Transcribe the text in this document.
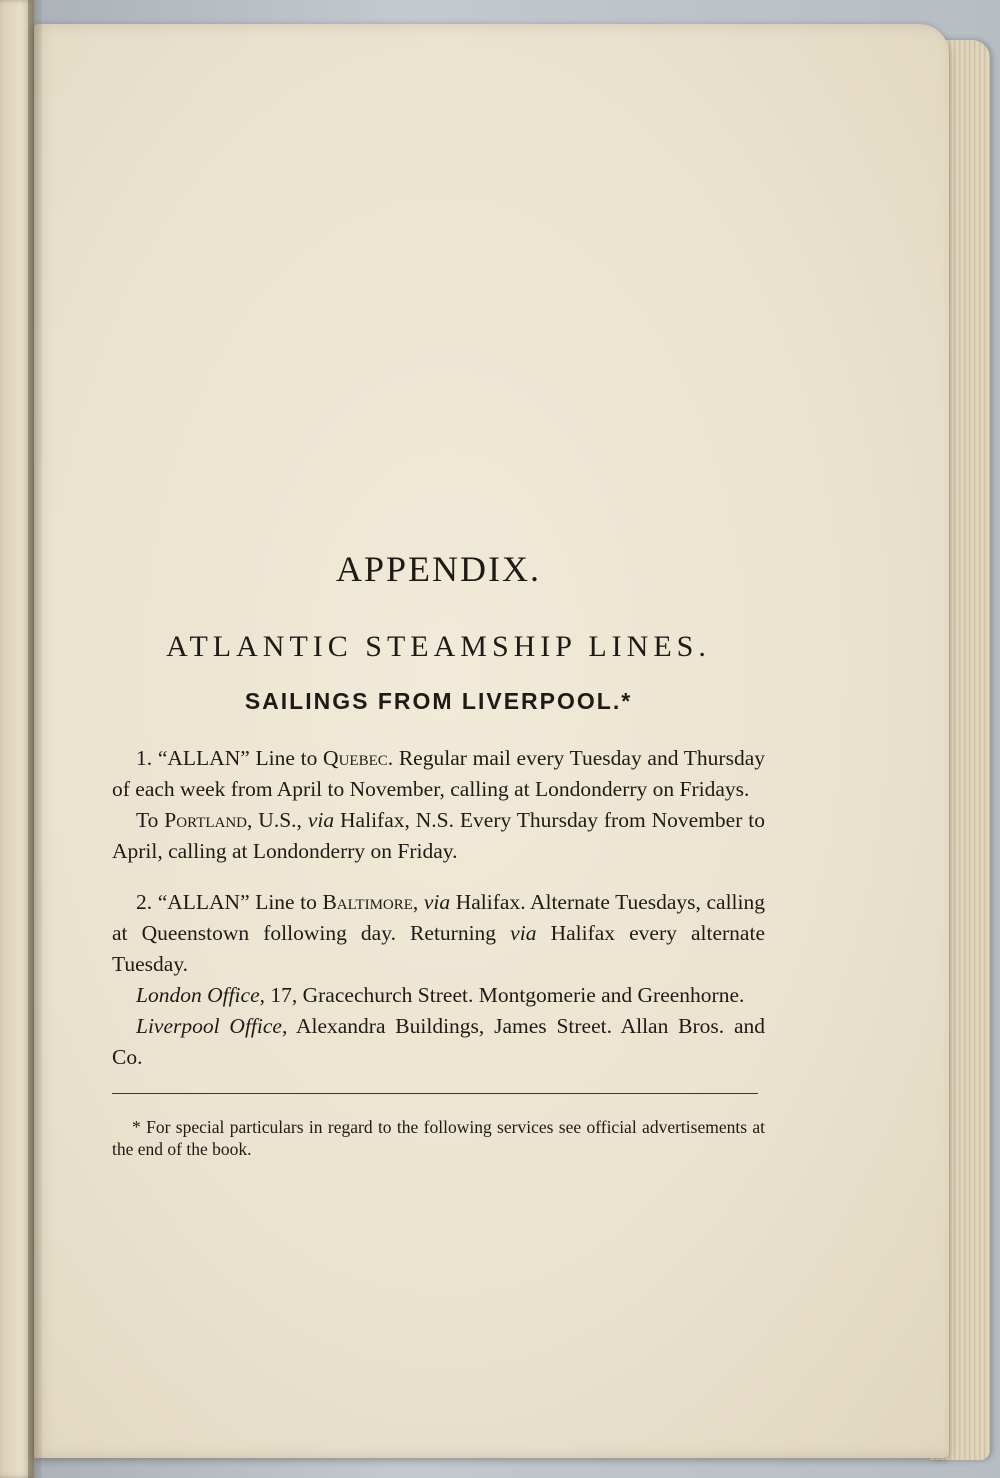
APPENDIX.
ATLANTIC STEAMSHIP LINES.
SAILINGS FROM LIVERPOOL.*

1. “ALLAN” Line to Quebec. Regular mail every Tuesday and Thursday of each week from April to November, calling at Londonderry on Fridays.

To Portland, U.S., via Halifax, N.S. Every Thursday from November to April, calling at Londonderry on Friday.

2. “ALLAN” Line to Baltimore, via Halifax. Alternate Tuesdays, calling at Queenstown following day. Returning via Halifax every alternate Tuesday.

London Office, 17, Gracechurch Street. Montgomerie and Greenhorne.

Liverpool Office, Alexandra Buildings, James Street. Allan Bros. and Co.

* For special particulars in regard to the following services see official advertisements at the end of the book.
